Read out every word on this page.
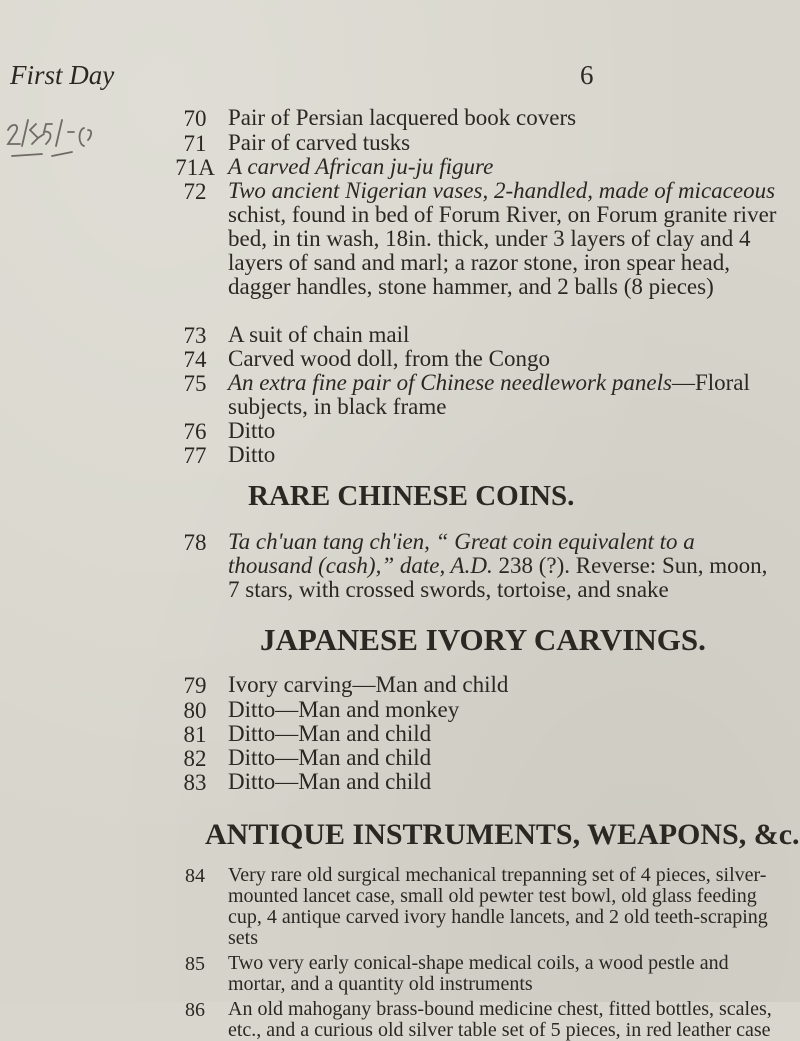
First Day	6
70 Pair of Persian lacquered book covers
71 Pair of carved tusks
71A A carved African ju-ju figure
72 Two ancient Nigerian vases, 2-handled, made of micaceous schist, found in bed of Forum River, on Forum granite river bed, in tin wash, 18in. thick, under 3 layers of clay and 4 layers of sand and marl; a razor stone, iron spear head, dagger handles, stone hammer, and 2 balls (8 pieces)
73 A suit of chain mail
74 Carved wood doll, from the Congo
75 An extra fine pair of Chinese needlework panels—Floral subjects, in black frame
76 Ditto
77 Ditto
RARE CHINESE COINS.
78 Ta ch'uan tang ch'ien, “ Great coin equivalent to a thousand (cash),” date, A.D. 238 (?). Reverse: Sun, moon, 7 stars, with crossed swords, tortoise, and snake
JAPANESE IVORY CARVINGS.
79 Ivory carving—Man and child
80 Ditto—Man and monkey
81 Ditto—Man and child
82 Ditto—Man and child
83 Ditto—Man and child
ANTIQUE INSTRUMENTS, WEAPONS, &c.
84	Very rare old surgical mechanical trepanning set of 4 pieces, silver-mounted lancet case, small old pewter test bowl, old glass feeding cup, 4 antique carved ivory handle lancets, and 2 old teeth-scraping sets
85	Two very early conical-shape medical coils, a wood pestle and mortar, and a quantity old instruments
86	An old mahogany brass-bound medicine chest, fitted bottles, scales, etc., and a curious old silver table set of 5 pieces, in red leather case
